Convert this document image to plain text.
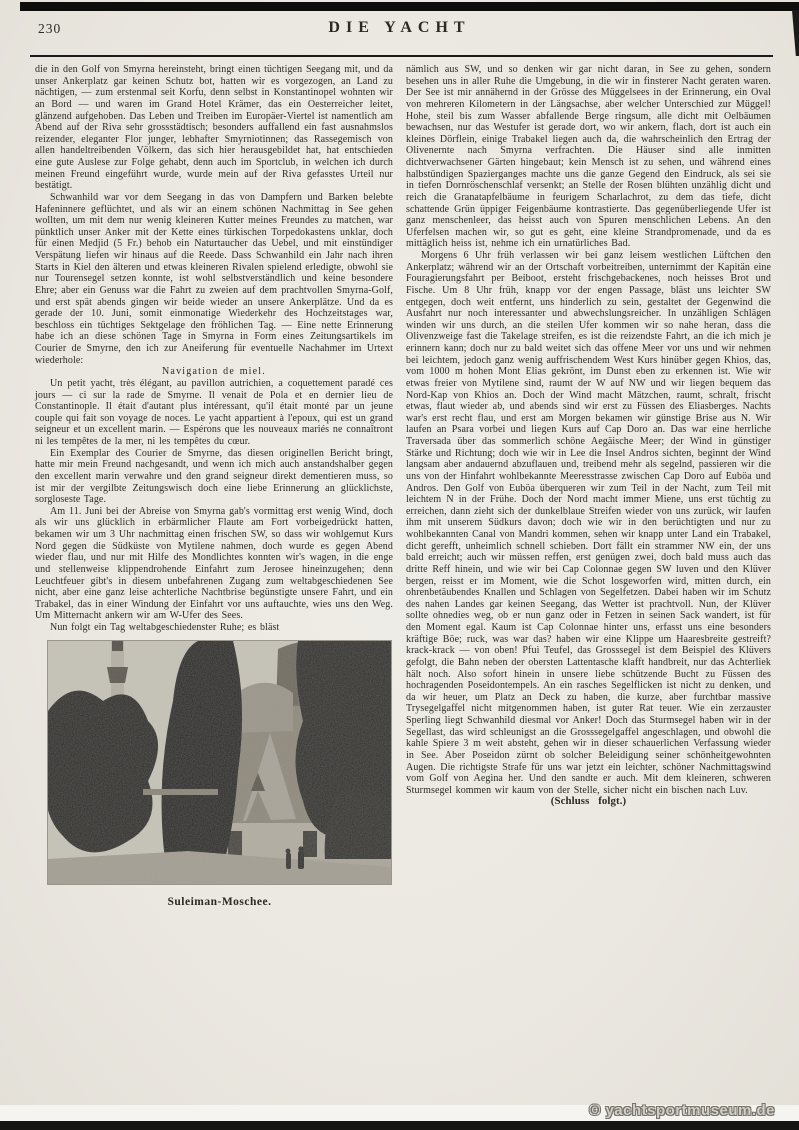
230	DIE YACHT

die in den Golf von Smyrna hereinsteht, bringt einen tüchtigen Seegang mit, und da unser Ankerplatz gar keinen Schutz bot, hatten wir es vorgezogen, an Land zu nächtigen, — zum erstenmal seit Korfu, denn selbst in Konstantinopel wohnten wir an Bord — und waren im Grand Hotel Krämer, das ein Oesterreicher leitet, glänzend aufgehoben. Das Leben und Treiben im Europäer-Viertel ist namentlich am Abend auf der Riva sehr grossstädtisch; besonders auffallend ein fast ausnahmslos reizender, eleganter Flor junger, lebhafter Smyrniotinnen; das Rassegemisch von allen handeltreibenden Völkern, das sich hier herausgebildet hat, hat entschieden eine gute Auslese zur Folge gehabt, denn auch im Sportclub, in welchen ich durch meinen Freund eingeführt wurde, wurde mein auf der Riva gefasstes Urteil nur bestätigt.

Schwanhild war vor dem Seegang in das von Dampfern und Barken belebte Hafeninnere geflüchtet, und als wir an einem schönen Nachmittag in See gehen wollten, um mit dem nur wenig kleineren Kutter meines Freundes zu matchen, war pünktlich unser Anker mit der Kette eines türkischen Torpedokastens unklar, doch für einen Medjid (5 Fr.) behob ein Naturtaucher das Uebel, und mit einstündiger Verspätung liefen wir hinaus auf die Reede. Dass Schwanhild ein Jahr nach ihren Starts in Kiel den älteren und etwas kleineren Rivalen spielend erledigte, obwohl sie nur Tourensegel setzen konnte, ist wohl selbstverständlich und keine besondere Ehre; aber ein Genuss war die Fahrt zu zweien auf dem prachtvollen Smyrna-Golf, und erst spät abends gingen wir beide wieder an unsere Ankerplätze. Und da es gerade der 10. Juni, somit einmonatige Wiederkehr des Hochzeitstages war, beschloss ein tüchtiges Sektgelage den fröhlichen Tag. — Eine nette Erinnerung habe ich an diese schönen Tage in Smyrna in Form eines Zeitungsartikels im Courier de Smyrne, den ich zur Aneiferung für eventuelle Nachahmer im Urtext wiederhole:

Navigation de miel.

Un petit yacht, très élégant, au pavillon autrichien, a coquettement paradé ces jours — ci sur la rade de Smyrne. Il venait de Pola et en dernier lieu de Constantinople. Il était d'autant plus intéressant, qu'il était monté par un jeune couple qui fait son voyage de noces. Le yacht appartient à l'epoux, qui est un grand seigneur et un excellent marin. — Espérons que les nouveaux mariés ne connaîtront ni les tempêtes de la mer, ni les tempêtes du cœur.

Ein Exemplar des Courier de Smyrne, das diesen originellen Bericht bringt, hatte mir mein Freund nachgesandt, und wenn ich mich auch anstandshalber gegen den excellent marin verwahre und den grand seigneur direkt dementieren muss, so ist mir der vergilbte Zeitungswisch doch eine liebe Erinnerung an glücklichste, sorgloseste Tage.

Am 11. Juni bei der Abreise von Smyrna gab's vormittag erst wenig Wind, doch als wir uns glücklich in erbärmlicher Flaute am Fort vorbeigedrückt hatten, bekamen wir um 3 Uhr nachmittag einen frischen SW, so dass wir wohlgemut Kurs Nord gegen die Südküste von Mytilene nahmen, doch wurde es gegen Abend wieder flau, und nur mit Hilfe des Mondlichtes konnten wir's wagen, in die enge und stellenweise klippendrohende Einfahrt zum Jerosee hineinzugehen; denn Leuchtfeuer gibt's in diesem unbefahrenen Zugang zum weltabgeschiedenen See nicht, aber eine ganz leise achterliche Nachtbrise begünstigte unsere Fahrt, und ein Trabakel, das in einer Windung der Einfahrt vor uns auftauchte, wies uns den Weg. Um Mitternacht ankern wir am W-Ufer des Sees.

Nun folgt ein Tag weltabgeschiedenster Ruhe; es bläst

Suleiman-Moschee.

nämlich aus SW, und so denken wir gar nicht daran, in See zu gehen, sondern besehen uns in aller Ruhe die Umgebung, in die wir in finsterer Nacht geraten waren. Der See ist mir annähernd in der Grösse des Müggelsees in der Erinnerung, ein Oval von mehreren Kilometern in der Längsachse, aber welcher Unterschied zur Müggel! Hohe, steil bis zum Wasser abfallende Berge ringsum, alle dicht mit Oelbäumen bewachsen, nur das Westufer ist gerade dort, wo wir ankern, flach, dort ist auch ein kleines Dörflein, einige Trabakel liegen auch da, die wahrscheinlich den Ertrag der Olivenernte nach Smyrna verfrachten. Die Häuser sind alle inmitten dichtverwachsener Gärten hingebaut; kein Mensch ist zu sehen, und während eines halbstündigen Spazierganges machte uns die ganze Gegend den Eindruck, als sei sie in tiefen Dornröschenschlaf versenkt; an Stelle der Rosen blühten unzählig dicht und reich die Granatapfelbäume in feurigem Scharlachrot, zu dem das tiefe, dicht schattende Grün üppiger Feigenbäume kontrastierte. Das gegenüberliegende Ufer ist ganz menschenleer, das heisst auch von Spuren menschlichen Lebens. An den Uferfelsen machen wir, so gut es geht, eine kleine Strandpromenade, und da es mittäglich heiss ist, nehme ich ein urnatürliches Bad.

Morgens 6 Uhr früh verlassen wir bei ganz leisem westlichen Lüftchen den Ankerplatz; während wir an der Ortschaft vorbeitreiben, unternimmt der Kapitän eine Fouragierungsfahrt per Beiboot, ersteht frischgebackenes, noch heisses Brot und Fische. Um 8 Uhr früh, knapp vor der engen Passage, bläst uns leichter SW entgegen, doch weit entfernt, uns hinderlich zu sein, gestaltet der Gegenwind die Ausfahrt nur noch interessanter und abwechslungsreicher. In unzähligen Schlägen winden wir uns durch, an die steilen Ufer kommen wir so nahe heran, dass die Olivenzweige fast die Takelage streifen, es ist die reizendste Fahrt, an die ich mich je erinnern kann; doch nur zu bald weitet sich das offene Meer vor uns und wir nehmen bei leichtem, jedoch ganz wenig auffrischendem West Kurs hinüber gegen Khios, das, vom 1000 m hohen Mont Elias gekrönt, im Dunst eben zu erkennen ist. Wie wir etwas freier von Mytilene sind, raumt der W auf NW und wir liegen bequem das Nord-Kap von Khios an. Doch der Wind macht Mätzchen, raumt, schralt, frischt etwas, flaut wieder ab, und abends sind wir erst zu Füssen des Eliasberges. Nachts war's erst recht flau, und erst am Morgen bekamen wir günstige Brise aus N. Wir laufen an Psara vorbei und liegen Kurs auf Cap Doro an. Das war eine herrliche Traversada über das sommerlich schöne Aegäische Meer; der Wind in günstiger Stärke und Richtung; doch wie wir in Lee die Insel Andros sichten, beginnt der Wind langsam aber andauernd abzuflauen und, treibend mehr als segelnd, passieren wir die uns von der Hinfahrt wohlbekannte Meeresstrasse zwischen Cap Doro auf Euböa und Andros. Den Golf von Euböa überqueren wir zum Teil in der Nacht, zum Teil mit leichtem N in der Frühe. Doch der Nord macht immer Miene, uns erst tüchtig zu erreichen, dann zieht sich der dunkelblaue Streifen wieder von uns zurück, wir laufen ihm mit unserem Südkurs davon; doch wie wir in den berüchtigten und nur zu wohlbekannten Canal von Mandri kommen, sehen wir knapp unter Land ein Trabakel, dicht gerefft, unheimlich schnell schieben. Dort fällt ein strammer NW ein, der uns bald erreicht; auch wir müssen reffen, erst genügen zwei, doch bald muss auch das dritte Reff hinein, und wie wir bei Cap Colonnae gegen SW luven und den Klüver bergen, reisst er im Moment, wie die Schot losgeworfen wird, mitten durch, ein ohrenbetäubendes Knallen und Schlagen von Segelfetzen. Dabei haben wir im Schutz des nahen Landes gar keinen Seegang, das Wetter ist prachtvoll. Nun, der Klüver sollte ohnedies weg, ob er nun ganz oder in Fetzen in seinen Sack wandert, ist für den Moment egal. Kaum ist Cap Colonnae hinter uns, erfasst uns eine besonders kräftige Böe; ruck, was war das? haben wir eine Klippe um Haaresbreite gestreift? krack-krack — von oben! Pfui Teufel, das Grosssegel ist dem Beispiel des Klüvers gefolgt, die Bahn neben der obersten Lattentasche klafft handbreit, nur das Achterliek hält noch. Also sofort hinein in unsere liebe schützende Bucht zu Füssen des hochragenden Poseidontempels. An ein rasches Segelflicken ist nicht zu denken, und da wir heuer, um Platz an Deck zu haben, die kurze, aber furchtbar massive Trysegelgaffel nicht mitgenommen haben, ist guter Rat teuer. Wie ein zerzauster Sperling liegt Schwanhild diesmal vor Anker! Doch das Sturmsegel haben wir in der Segellast, das wird schleunigst an die Grosssegelgaffel angeschlagen, und obwohl die kahle Spiere 3 m weit absteht, gehen wir in dieser schauerlichen Verfassung wieder in See. Aber Poseidon zürnt ob solcher Beleidigung seiner schönheitgewohnten Augen. Die richtigste Strafe für uns war jetzt ein leichter, schöner Nachmittagswind vom Golf von Aegina her. Und den sandte er auch. Mit dem kleineren, schweren Sturmsegel kommen wir kaum von der Stelle, sicher nicht ein bischen nach Luv.

(Schluss folgt.)

© yachtsportmuseum.de
